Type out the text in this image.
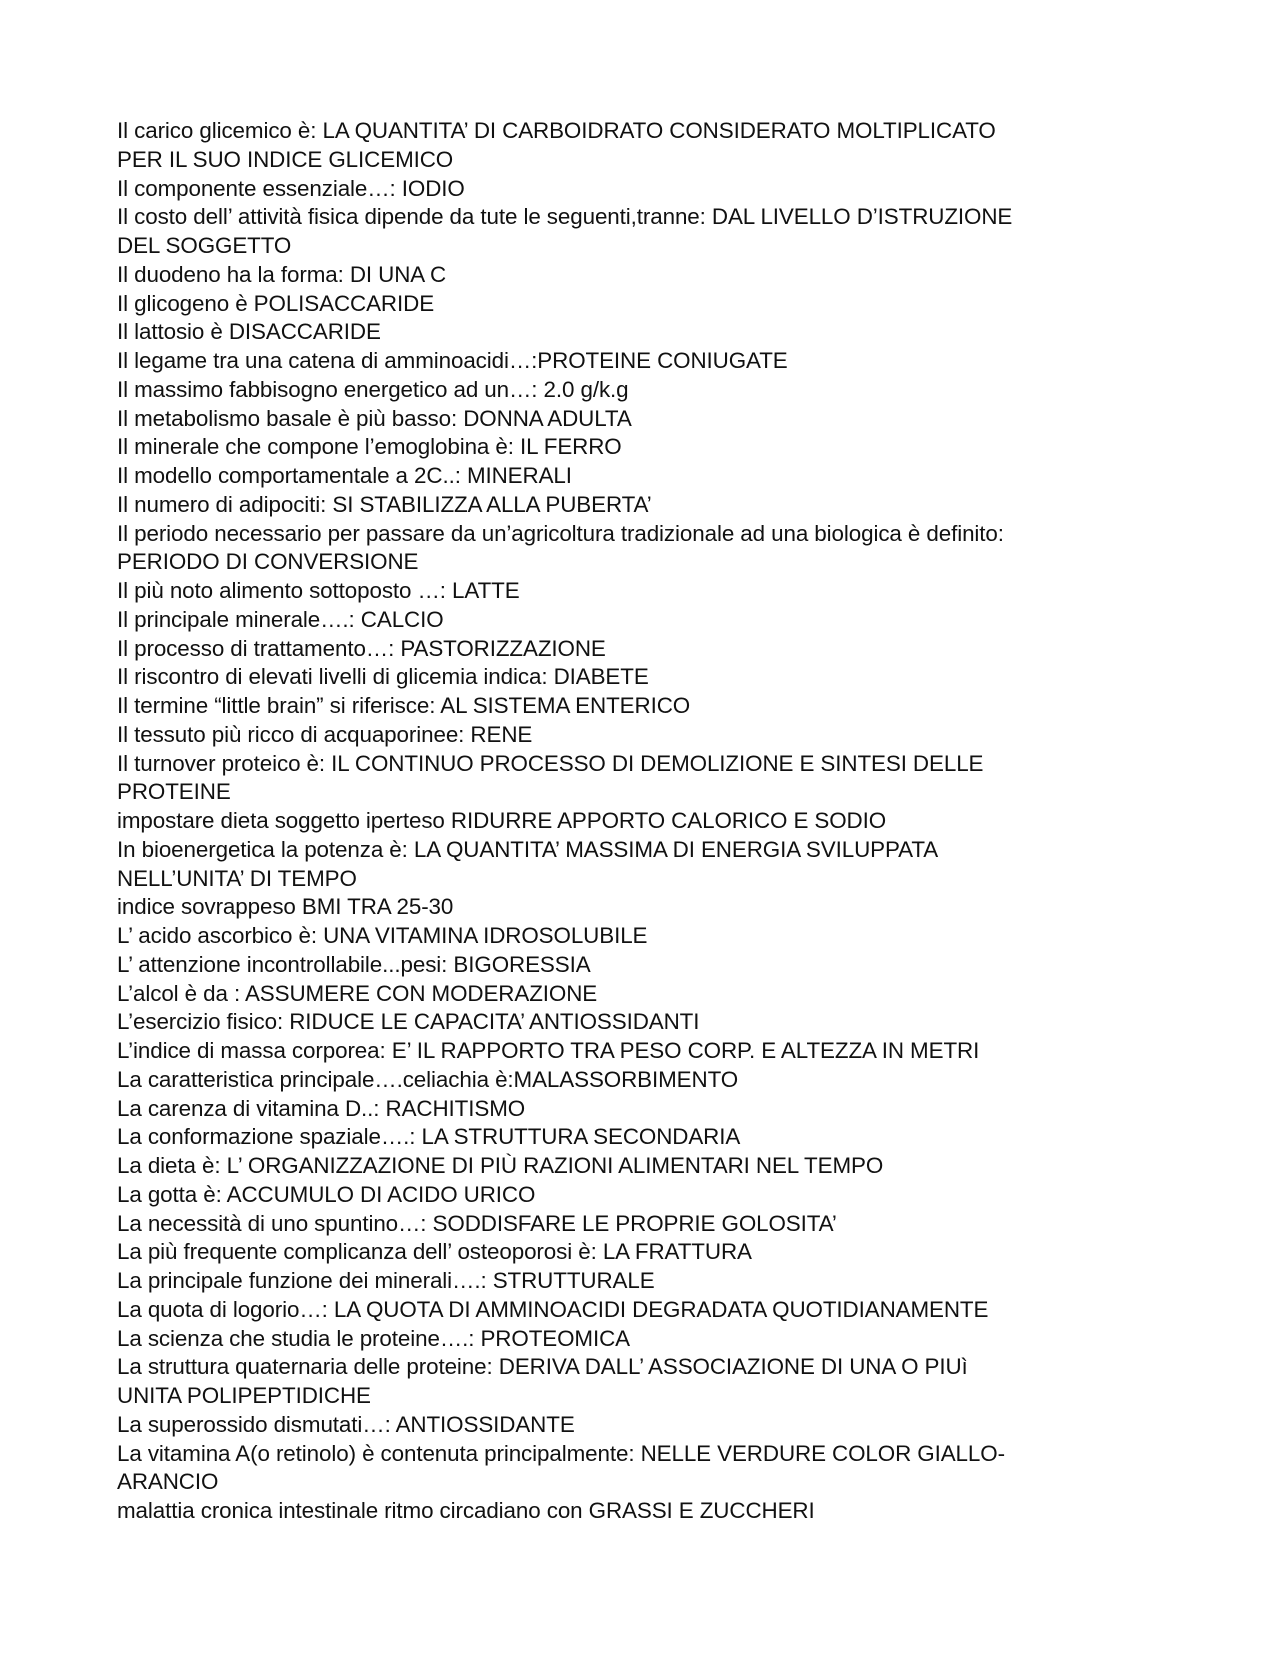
Il carico glicemico è: LA QUANTITA’ DI CARBOIDRATO CONSIDERATO MOLTIPLICATO
PER IL SUO INDICE GLICEMICO
Il componente essenziale…: IODIO
Il costo dell’ attività fisica dipende da tute le seguenti,tranne: DAL LIVELLO D’ISTRUZIONE
DEL SOGGETTO
Il duodeno ha la forma: DI UNA C
Il glicogeno è POLISACCARIDE
Il lattosio è DISACCARIDE
Il legame tra una catena di amminoacidi…:PROTEINE CONIUGATE
Il massimo fabbisogno energetico ad un…: 2.0 g/k.g
Il metabolismo basale è più basso: DONNA ADULTA
Il minerale che compone l’emoglobina è: IL FERRO
Il modello comportamentale a 2C..: MINERALI
Il numero di adipociti: SI STABILIZZA ALLA PUBERTA’
Il periodo necessario per passare da un’agricoltura tradizionale ad una biologica è definito:
PERIODO DI CONVERSIONE
Il più noto alimento sottoposto …: LATTE
Il principale minerale….: CALCIO
Il processo di trattamento…: PASTORIZZAZIONE
Il riscontro di elevati livelli di glicemia indica: DIABETE
Il termine “little brain” si riferisce: AL SISTEMA ENTERICO
Il tessuto più ricco di acquaporinee: RENE
Il turnover proteico è: IL CONTINUO PROCESSO DI DEMOLIZIONE E SINTESI DELLE
PROTEINE
impostare dieta soggetto iperteso RIDURRE APPORTO CALORICO E SODIO
In bioenergetica la potenza è: LA QUANTITA’ MASSIMA DI ENERGIA SVILUPPATA
NELL’UNITA’ DI TEMPO
indice sovrappeso BMI TRA 25-30
L’ acido ascorbico è: UNA VITAMINA IDROSOLUBILE
L’ attenzione incontrollabile...pesi: BIGORESSIA
L’alcol è da : ASSUMERE CON MODERAZIONE
L’esercizio fisico: RIDUCE LE CAPACITA’ ANTIOSSIDANTI
L’indice di massa corporea: E’ IL RAPPORTO TRA PESO CORP. E ALTEZZA IN METRI
La caratteristica principale….celiachia è:MALASSORBIMENTO
La carenza di vitamina D..: RACHITISMO
La conformazione spaziale….: LA STRUTTURA SECONDARIA
La dieta è: L’ ORGANIZZAZIONE DI PIÙ RAZIONI ALIMENTARI NEL TEMPO
La gotta è: ACCUMULO DI ACIDO URICO
La necessità di uno spuntino…: SODDISFARE LE PROPRIE GOLOSITA’
La più frequente complicanza dell’ osteoporosi è: LA FRATTURA
La principale funzione dei minerali….: STRUTTURALE
La quota di logorio…: LA QUOTA DI AMMINOACIDI DEGRADATA QUOTIDIANAMENTE
La scienza che studia le proteine….: PROTEOMICA
La struttura quaternaria delle proteine: DERIVA DALL’ ASSOCIAZIONE DI UNA O PIUì
UNITA POLIPEPTIDICHE
La superossido dismutati…: ANTIOSSIDANTE
La vitamina A(o retinolo) è contenuta principalmente: NELLE VERDURE COLOR GIALLO-
ARANCIO
malattia cronica intestinale ritmo circadiano con GRASSI E ZUCCHERI
